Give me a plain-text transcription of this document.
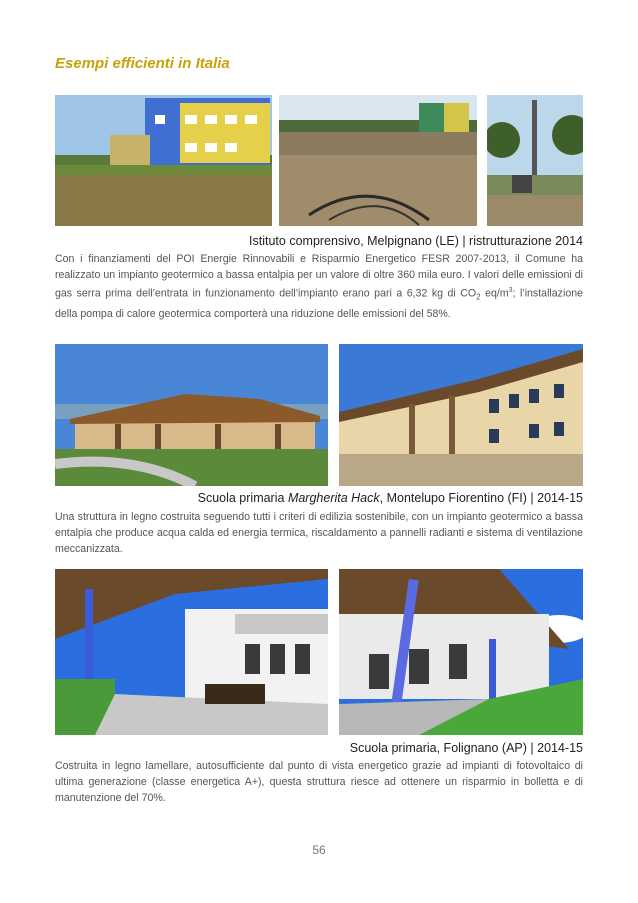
Esempi efficienti in Italia
Istituto comprensivo, Melpignano (LE) | ristrutturazione 2014
Con i finanziamenti del POI Energie Rinnovabili e Risparmio Energetico FESR 2007-2013, il Comune ha realizzato un impianto geotermico a bassa entalpia per un valore di oltre 360 mila euro. I valori delle emissioni di gas serra prima dell’entrata in funzionamento dell’impianto erano pari a 6,32 kg di $CO_2$ $eq/m^3$; l’installazione della pompa di calore geotermica comporterà una riduzione delle emissioni del 58%.
Scuola primaria Margherita Hack, Montelupo Fiorentino (FI) | 2014-15
Una struttura in legno costruita seguendo tutti i criteri di edilizia sostenibile, con un impianto geotermico a bassa entalpia che produce acqua calda ed energia termica, riscaldamento a pannelli radianti e sistema di ventilazione meccanizzata.
Scuola primaria, Folignano (AP) | 2014-15
Costruita in legno lamellare, autosufficiente dal punto di vista energetico grazie ad impianti di fotovoltaico di ultima generazione (classe energetica A+), questa struttura riesce ad ottenere un risparmio in bolletta e di manutenzione del 70%.
56
